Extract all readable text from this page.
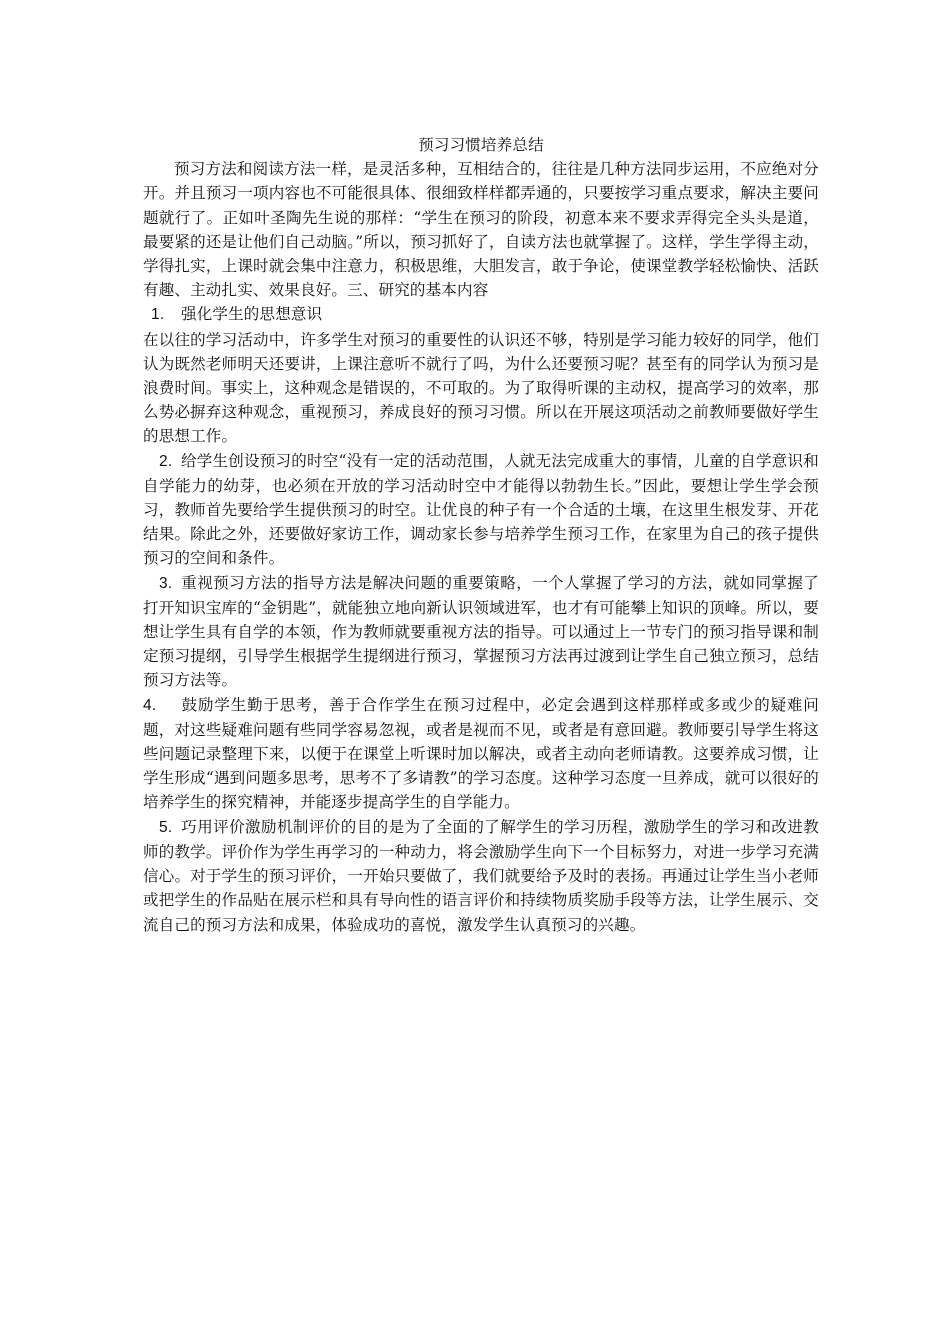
预习习惯培养总结

预习方法和阅读方法一样，是灵活多种，互相结合的，往往是几种方法同步运用，不应绝对分开。并且预习一项内容也不可能很具体、很细致样样都弄通的，只要按学习重点要求，解决主要问题就行了。正如叶圣陶先生说的那样：“学生在预习的阶段，初意本来不要求弄得完全头头是道，最要紧的还是让他们自己动脑。”所以，预习抓好了，自读方法也就掌握了。这样，学生学得主动，学得扎实，上课时就会集中注意力，积极思维，大胆发言，敢于争论，使课堂教学轻松愉快、活跃有趣、主动扎实、效果良好。三、研究的基本内容

1. 强化学生的思想意识

在以往的学习活动中，许多学生对预习的重要性的认识还不够，特别是学习能力较好的同学，他们认为既然老师明天还要讲，上课注意听不就行了吗，为什么还要预习呢？甚至有的同学认为预习是浪费时间。事实上，这种观念是错误的，不可取的。为了取得听课的主动权，提高学习的效率，那么势必摒弃这种观念，重视预习，养成良好的预习习惯。所以在开展这项活动之前教师要做好学生的思想工作。

2. 给学生创设预习的时空“没有一定的活动范围，人就无法完成重大的事情，儿童的自学意识和自学能力的幼芽，也必须在开放的学习活动时空中才能得以勃勃生长。”因此，要想让学生学会预习，教师首先要给学生提供预习的时空。让优良的种子有一个合适的土壤，在这里生根发芽、开花结果。除此之外，还要做好家访工作，调动家长参与培养学生预习工作，在家里为自己的孩子提供预习的空间和条件。

3. 重视预习方法的指导方法是解决问题的重要策略，一个人掌握了学习的方法，就如同掌握了打开知识宝库的“金钥匙”，就能独立地向新认识领域进军，也才有可能攀上知识的顶峰。所以，要想让学生具有自学的本领，作为教师就要重视方法的指导。可以通过上一节专门的预习指导课和制定预习提纲，引导学生根据学生提纲进行预习，掌握预习方法再过渡到让学生自己独立预习，总结预习方法等。

4. 鼓励学生勤于思考，善于合作学生在预习过程中，必定会遇到这样那样或多或少的疑难问题，对这些疑难问题有些同学容易忽视，或者是视而不见，或者是有意回避。教师要引导学生将这些问题记录整理下来，以便于在课堂上听课时加以解决，或者主动向老师请教。这要养成习惯，让学生形成“遇到问题多思考，思考不了多请教”的学习态度。这种学习态度一旦养成，就可以很好的培养学生的探究精神，并能逐步提高学生的自学能力。

5. 巧用评价激励机制评价的目的是为了全面的了解学生的学习历程，激励学生的学习和改进教师的教学。评价作为学生再学习的一种动力，将会激励学生向下一个目标努力，对进一步学习充满信心。对于学生的预习评价，一开始只要做了，我们就要给予及时的表扬。再通过让学生当小老师或把学生的作品贴在展示栏和具有导向性的语言评价和持续物质奖励手段等方法，让学生展示、交流自己的预习方法和成果，体验成功的喜悦，激发学生认真预习的兴趣。
